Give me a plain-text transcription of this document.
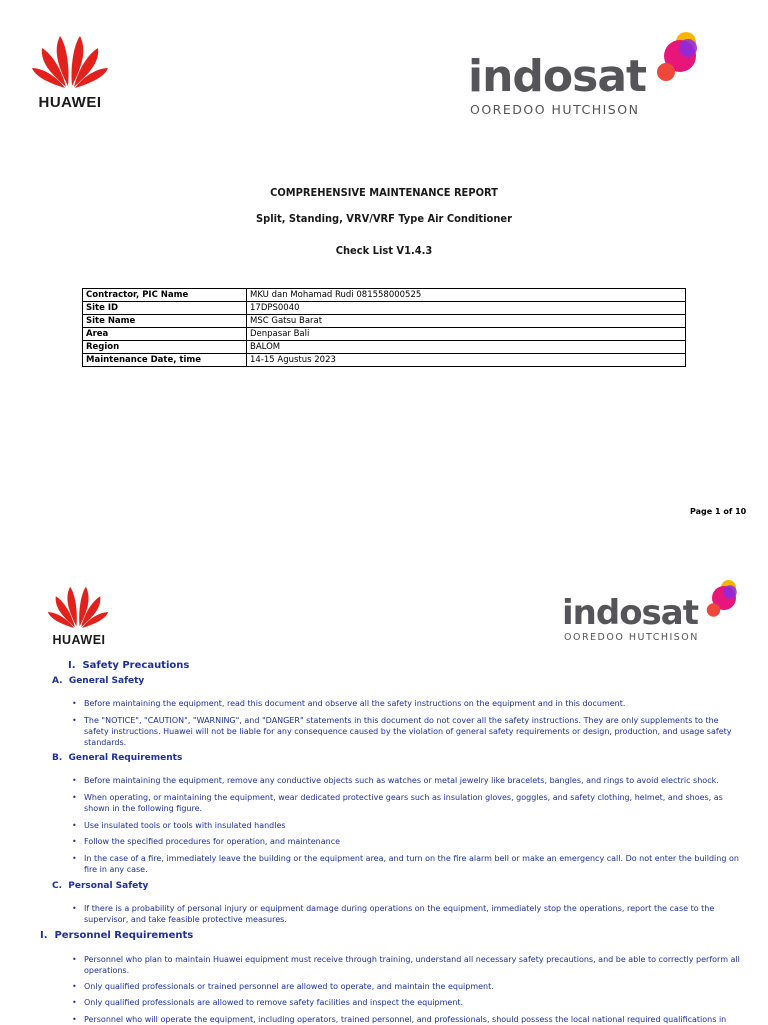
HUAWEI
indosat
OOREDOO HUTCHISON
COMPREHENSIVE MAINTENANCE REPORT
Split, Standing, VRV/VRF Type Air Conditioner
Check List V1.4.3
Contractor, PIC Name	MKU dan Mohamad Rudi 081558000525
Site ID	17DPS0040
Site Name	MSC Gatsu Barat
Area	Denpasar Bali
Region	BALOM
Maintenance Date, time	14-15 Agustus 2023
Page 1 of 10
HUAWEI
indosat
OOREDOO HUTCHISON
I.  Safety Precautions
A.  General Safety
• Before maintaining the equipment, read this document and observe all the safety instructions on the equipment and in this document.
• The "NOTICE", "CAUTION", "WARNING", and "DANGER" statements in this document do not cover all the safety instructions. They are only supplements to the safety instructions. Huawei will not be liable for any consequence caused by the violation of general safety requirements or design, production, and usage safety standards.
B.  General Requirements
• Before maintaining the equipment, remove any conductive objects such as watches or metal jewelry like bracelets, bangles, and rings to avoid electric shock.
• When operating, or maintaining the equipment, wear dedicated protective gears such as insulation gloves, goggles, and safety clothing, helmet, and shoes, as shown in the following figure.
• Use insulated tools or tools with insulated handles
• Follow the specified procedures for operation, and maintenance
• In the case of a fire, immediately leave the building or the equipment area, and turn on the fire alarm bell or make an emergency call. Do not enter the building on fire in any case.
C.  Personal Safety
• If there is a probability of personal injury or equipment damage during operations on the equipment, immediately stop the operations, report the case to the supervisor, and take feasible protective measures.
I.  Personnel Requirements
• Personnel who plan to maintain Huawei equipment must receive through training, understand all necessary safety precautions, and be able to correctly perform all operations.
• Only qualified professionals or trained personnel are allowed to operate, and maintain the equipment.
• Only qualified professionals are allowed to remove safety facilities and inspect the equipment.
• Personnel who will operate the equipment, including operators, trained personnel, and professionals, should possess the local national required qualifications in
